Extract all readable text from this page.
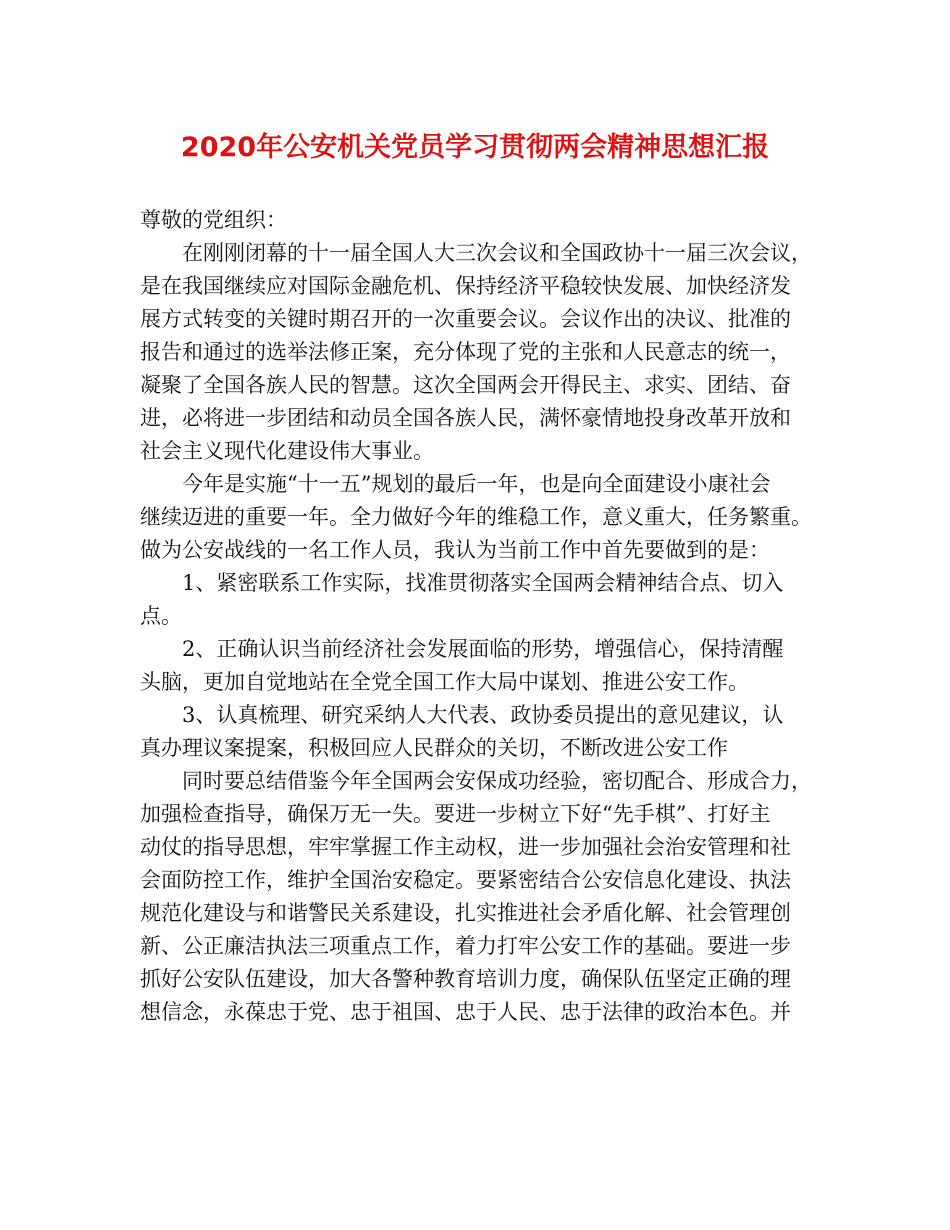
2020年公安机关党员学习贯彻两会精神思想汇报
尊敬的党组织：
在刚刚闭幕的十一届全国人大三次会议和全国政协十一届三次会议，
是在我国继续应对国际金融危机、保持经济平稳较快发展、加快经济发
展方式转变的关键时期召开的一次重要会议。会议作出的决议、批准的
报告和通过的选举法修正案，充分体现了党的主张和人民意志的统一，
凝聚了全国各族人民的智慧。这次全国两会开得民主、求实、团结、奋
进，必将进一步团结和动员全国各族人民，满怀豪情地投身改革开放和
社会主义现代化建设伟大事业。
今年是实施“十一五”规划的最后一年，也是向全面建设小康社会
继续迈进的重要一年。全力做好今年的维稳工作，意义重大，任务繁重。
做为公安战线的一名工作人员，我认为当前工作中首先要做到的是：
1、紧密联系工作实际，找准贯彻落实全国两会精神结合点、切入
点。
2、正确认识当前经济社会发展面临的形势，增强信心，保持清醒
头脑，更加自觉地站在全党全国工作大局中谋划、推进公安工作。
3、认真梳理、研究采纳人大代表、政协委员提出的意见建议，认
真办理议案提案，积极回应人民群众的关切，不断改进公安工作
同时要总结借鉴今年全国两会安保成功经验，密切配合、形成合力，
加强检查指导，确保万无一失。要进一步树立下好“先手棋”、打好主
动仗的指导思想，牢牢掌握工作主动权，进一步加强社会治安管理和社
会面防控工作，维护全国治安稳定。要紧密结合公安信息化建设、执法
规范化建设与和谐警民关系建设，扎实推进社会矛盾化解、社会管理创
新、公正廉洁执法三项重点工作，着力打牢公安工作的基础。要进一步
抓好公安队伍建设，加大各警种教育培训力度，确保队伍坚定正确的理
想信念，永葆忠于党、忠于祖国、忠于人民、忠于法律的政治本色。并
